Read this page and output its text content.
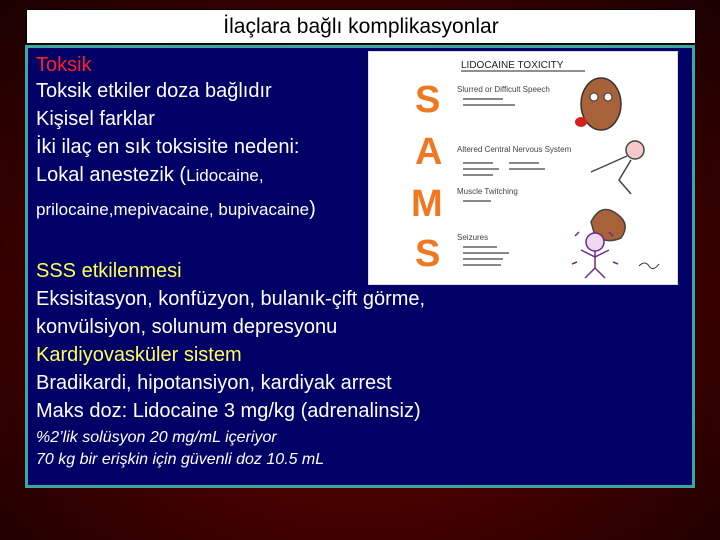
İlaçlara bağlı komplikasyonlar
Toksik
Toksik etkiler doza bağlıdır
Kişisel farklar
İki ilaç en sık toksisite nedeni:
Lokal anestezik (Lidocaine,
prilocaine,mepivacaine, bupivacaine)
SSS etkilenmesi
Eksisitasyon, konfüzyon, bulanık-çift görme,
konvülsiyon, solunum depresyonu
Kardiyovasküler sistem
Bradikardi, hipotansiyon, kardiyak arrest
Maks doz: Lidocaine 3 mg/kg (adrenalinsiz)
%2’lik solüsyon 20 mg/mL içeriyor
70 kg bir erişkin için güvenli doz 10.5 mL
LIDOCAINE TOXICITY
S
A
M
S
Slurred or Difficult Speech
Altered Central Nervous System
Muscle Twitching
Seizures
